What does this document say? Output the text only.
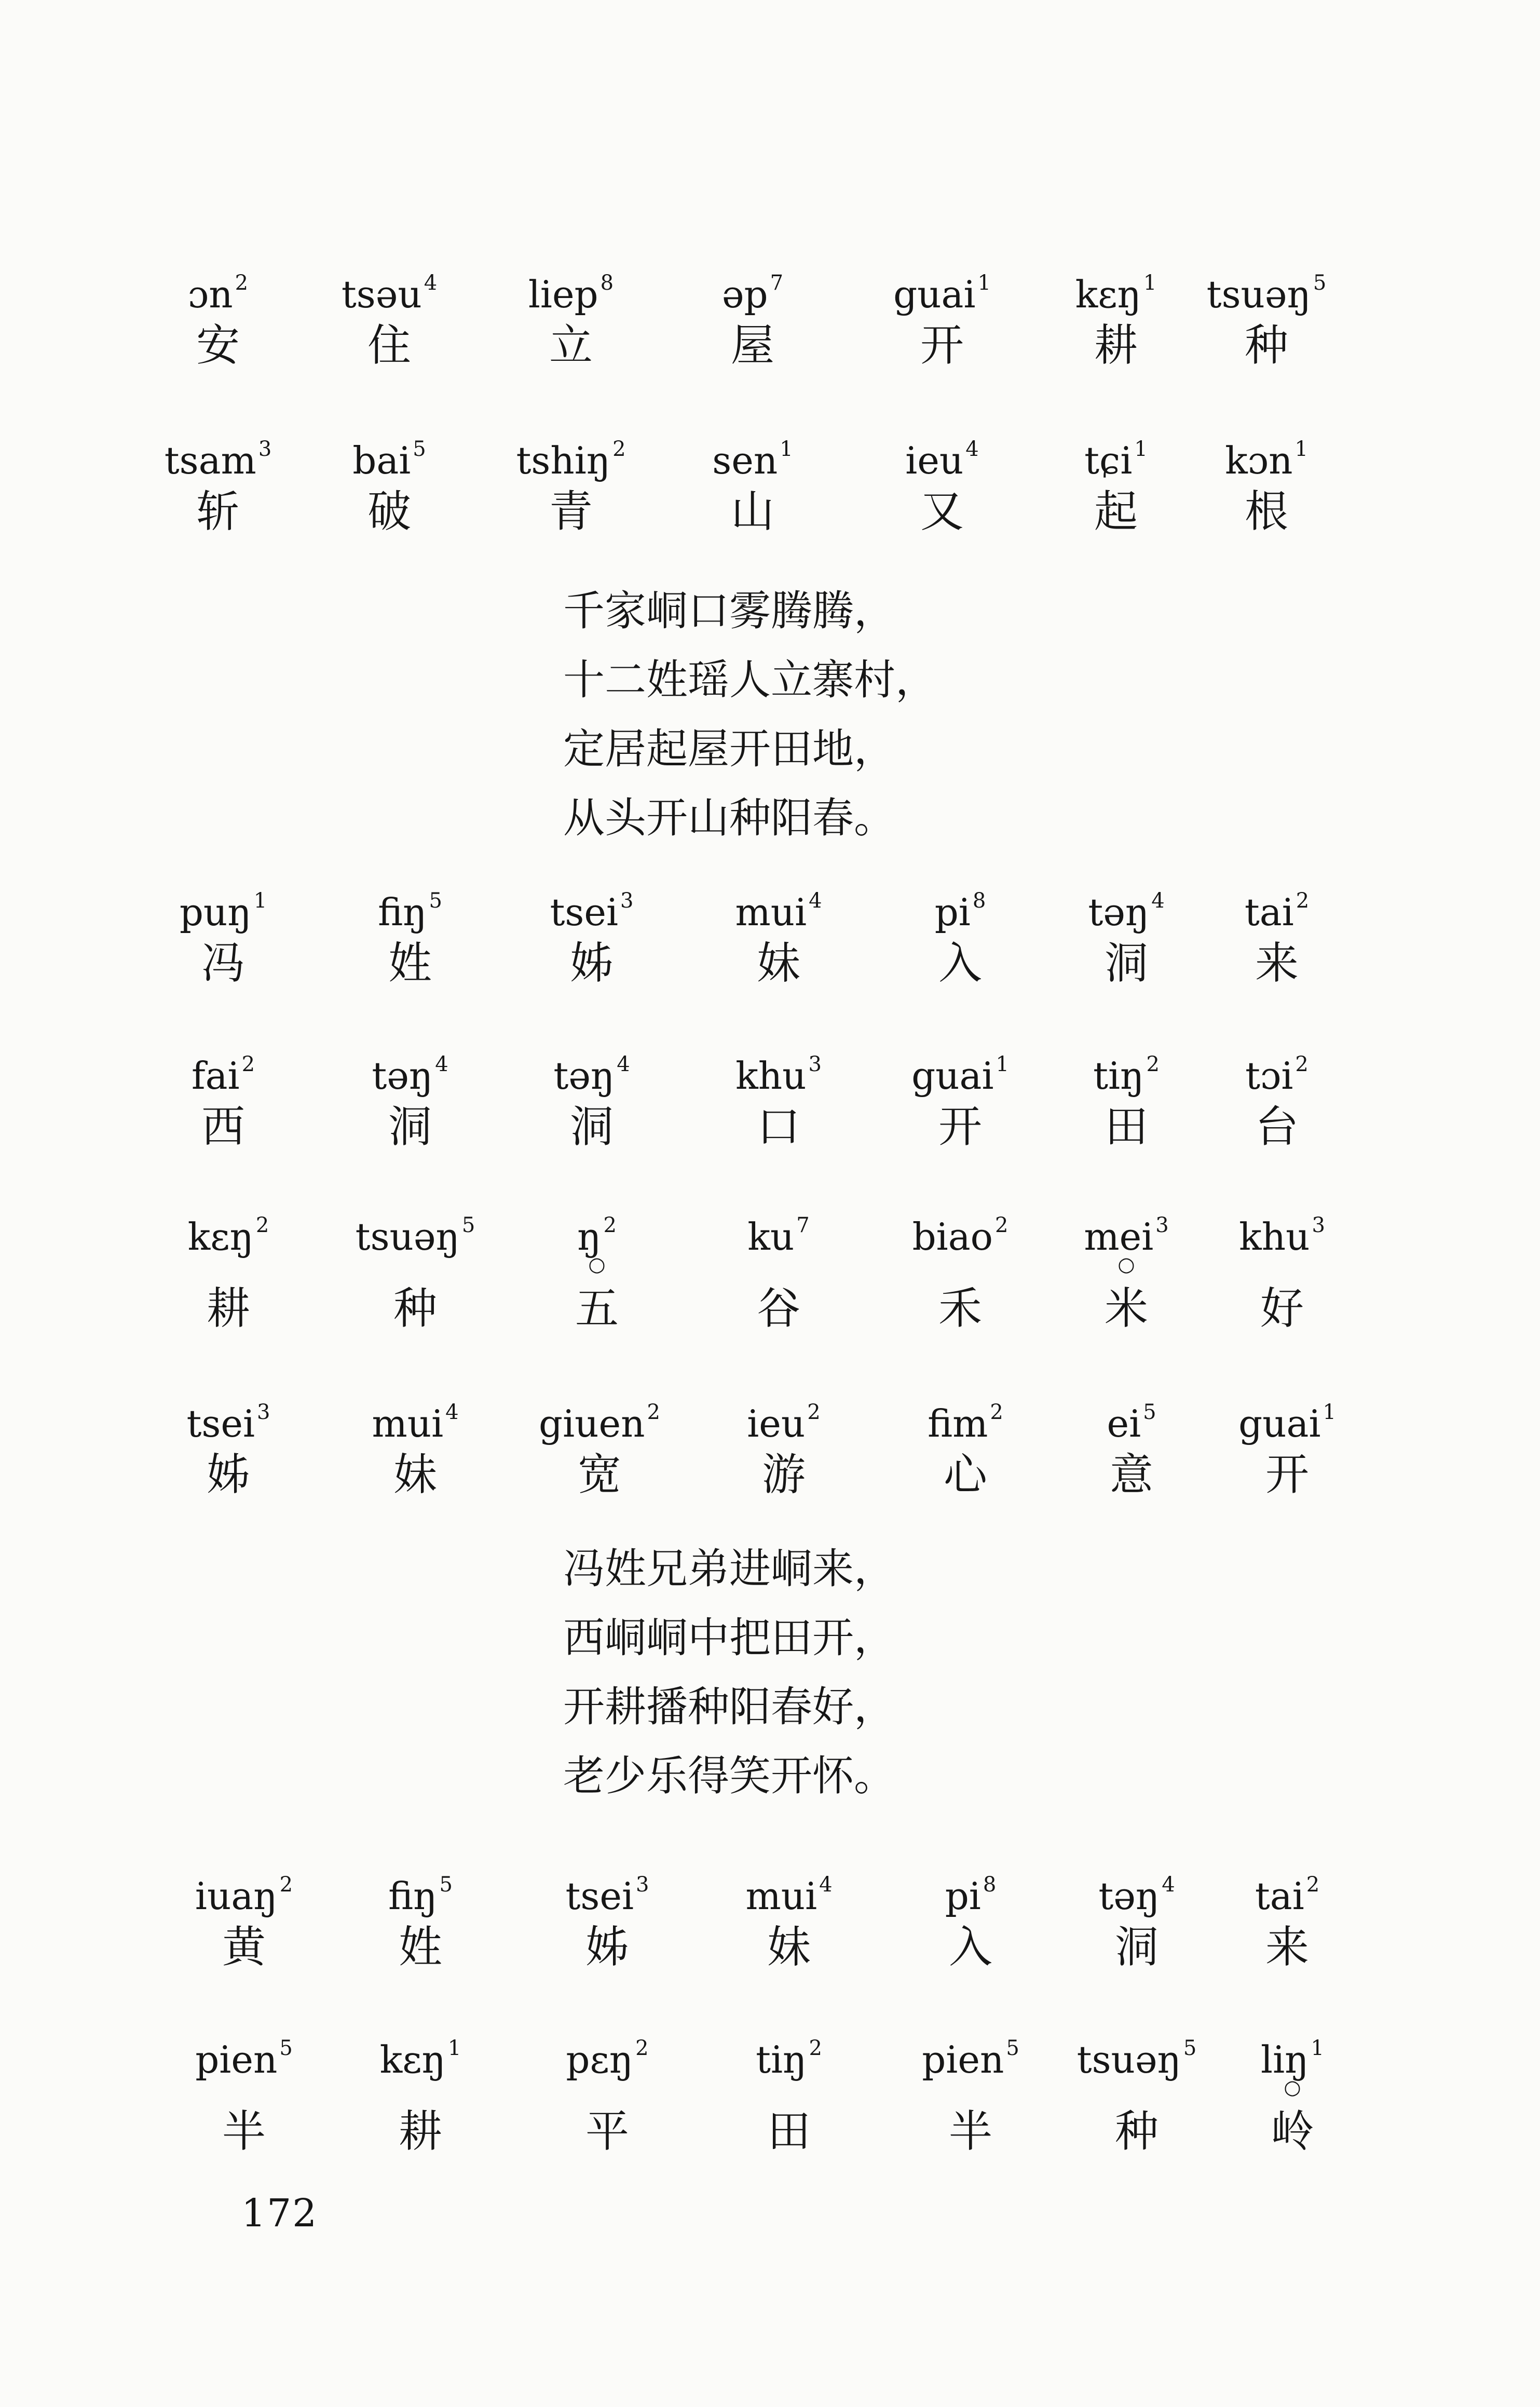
ɔn $^2$
安
tsəu $^4$
住
liep $^8$
立
əp $^7$
屋
guai $^1$
开
kɛŋ $^1$
耕
tsuəŋ $^5$
种
tsam $^3$
斩
bai $^5$
破
tshiŋ $^2$
青
sen $^1$
山
ieu $^4$
又
tɕi $^1$
起
kɔn $^1$
根
千家峒口雾腾腾，
十二姓瑶人立寨村，
定居起屋开田地，
从头开山种阳春。
puŋ $^1$
冯
fiŋ $^5$
姓
tsei $^3$
姊
mui $^4$
妹
pi $^8$
入
təŋ $^4$
洞
tai $^2$
来
fai $^2$
西
təŋ $^4$
洞
təŋ $^4$
洞
khu $^3$
口
guai $^1$
开
tiŋ $^2$
田
tɔi $^2$
台
kɛŋ $^2$
耕
tsuəŋ $^5$
种
ŋ $^2$
○
五
ku $^7$
谷
biao $^2$
禾
mei $^3$
○
米
khu $^3$
好
tsei $^3$
姊
mui $^4$
妹
giuen $^2$
宽
ieu $^2$
游
fim $^2$
心
ei $^5$
意
guai $^1$
开
冯姓兄弟进峒来，
西峒峒中把田开，
开耕播种阳春好，
老少乐得笑开怀。
iuaŋ $^2$
黄
fiŋ $^5$
姓
tsei $^3$
姊
mui $^4$
妹
pi $^8$
入
təŋ $^4$
洞
tai $^2$
来
pien $^5$
半
kɛŋ $^1$
耕
pɛŋ $^2$
平
tiŋ $^2$
田
pien $^5$
半
tsuəŋ $^5$
种
liŋ $^1$
○
岭
172
